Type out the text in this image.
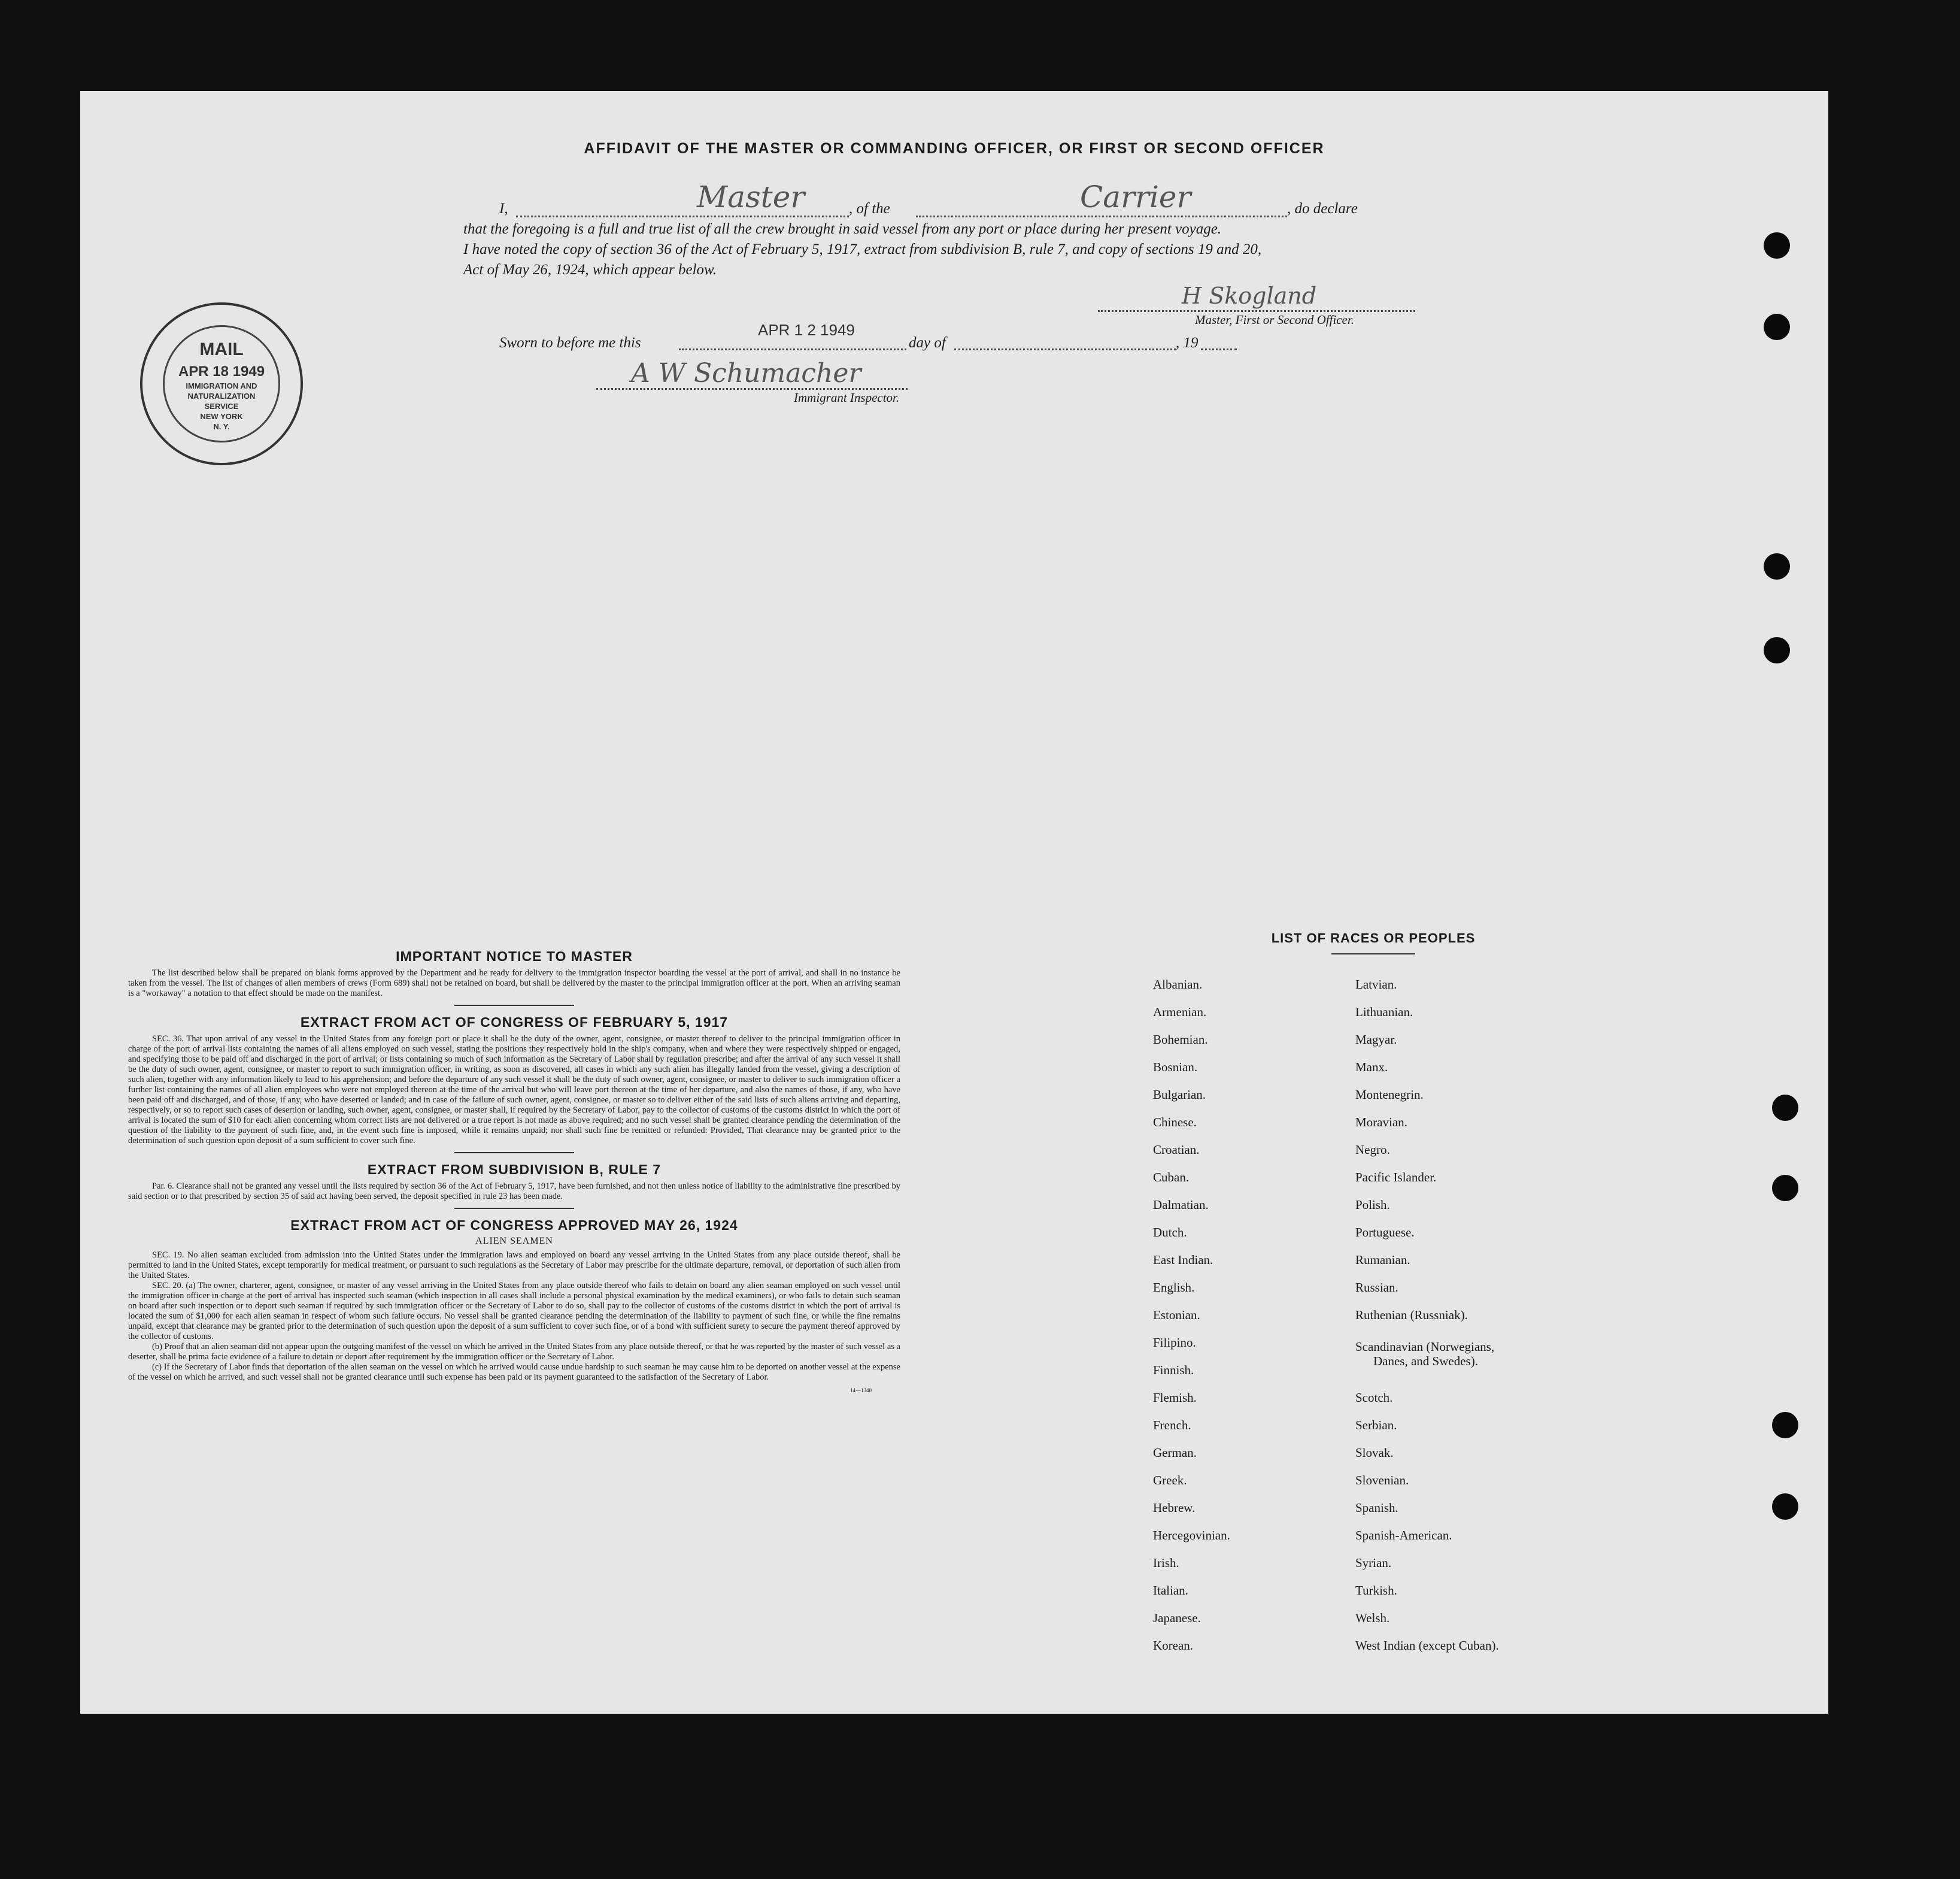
AFFIDAVIT OF THE MASTER OR COMMANDING OFFICER, OR FIRST OR SECOND OFFICER
I,	Master	, of the	Carrier	, do declare
that the foregoing is a full and true list of all the crew brought in said vessel from any port or place during her present voyage.
I have noted the copy of section 36 of the Act of February 5, 1917, extract from subdivision B, rule 7, and copy of sections 19 and 20,
Act of May 26, 1924, which appear below.
H Skogland
Master, First or Second Officer.
Sworn to before me this
APR 1 2 1949
day of	, 19
A W Schumacher
Immigrant Inspector.
MAIL
APR 18 1949
IMMIGRATION AND
NATURALIZATION
SERVICE
NEW YORK
N. Y.

IMPORTANT NOTICE TO MASTER

The list described below shall be prepared on blank forms approved by the Department and be ready for delivery to the immigration inspector boarding the vessel at the port of arrival, and shall in no instance be taken from the vessel. The list of changes of alien members of crews (Form 689) shall not be retained on board, but shall be delivered by the master to the principal immigration officer at the port. When an arriving seaman is a "workaway" a notation to that effect should be made on the manifest.

EXTRACT FROM ACT OF CONGRESS OF FEBRUARY 5, 1917

SEC. 36. That upon arrival of any vessel in the United States from any foreign port or place it shall be the duty of the owner, agent, consignee, or master thereof to deliver to the principal immigration officer in charge of the port of arrival lists containing the names of all aliens employed on such vessel, stating the positions they respectively hold in the ship's company, when and where they were respectively shipped or engaged, and specifying those to be paid off and discharged in the port of arrival; or lists containing so much of such information as the Secretary of Labor shall by regulation prescribe; and after the arrival of any such vessel it shall be the duty of such owner, agent, consignee, or master to report to such immigration officer, in writing, as soon as discovered, all cases in which any such alien has illegally landed from the vessel, giving a description of such alien, together with any information likely to lead to his apprehension; and before the departure of any such vessel it shall be the duty of such owner, agent, consignee, or master to deliver to such immigration officer a further list containing the names of all alien employees who were not employed thereon at the time of the arrival but who will leave port thereon at the time of her departure, and also the names of those, if any, who have been paid off and discharged, and of those, if any, who have deserted or landed; and in case of the failure of such owner, agent, consignee, or master so to deliver either of the said lists of such aliens arriving and departing, respectively, or so to report such cases of desertion or landing, such owner, agent, consignee, or master shall, if required by the Secretary of Labor, pay to the collector of customs of the customs district in which the port of arrival is located the sum of $10 for each alien concerning whom correct lists are not delivered or a true report is not made as above required; and no such vessel shall be granted clearance pending the determination of the question of the liability to the payment of such fine, and, in the event such fine is imposed, while it remains unpaid; nor shall such fine be remitted or refunded: Provided, That clearance may be granted prior to the determination of such question upon deposit of a sum sufficient to cover such fine.

EXTRACT FROM SUBDIVISION B, RULE 7

Par. 6. Clearance shall not be granted any vessel until the lists required by section 36 of the Act of February 5, 1917, have been furnished, and not then unless notice of liability to the administrative fine prescribed by said section or to that prescribed by section 35 of said act having been served, the deposit specified in rule 23 has been made.

EXTRACT FROM ACT OF CONGRESS APPROVED MAY 26, 1924

ALIEN SEAMEN

SEC. 19. No alien seaman excluded from admission into the United States under the immigration laws and employed on board any vessel arriving in the United States from any place outside thereof, shall be permitted to land in the United States, except temporarily for medical treatment, or pursuant to such regulations as the Secretary of Labor may prescribe for the ultimate departure, removal, or deportation of such alien from the United States.

SEC. 20. (a) The owner, charterer, agent, consignee, or master of any vessel arriving in the United States from any place outside thereof who fails to detain on board any alien seaman employed on such vessel until the immigration officer in charge at the port of arrival has inspected such seaman (which inspection in all cases shall include a personal physical examination by the medical examiners), or who fails to detain such seaman on board after such inspection or to deport such seaman if required by such immigration officer or the Secretary of Labor to do so, shall pay to the collector of customs of the customs district in which the port of arrival is located the sum of $1,000 for each alien seaman in respect of whom such failure occurs. No vessel shall be granted clearance pending the determination of the liability to payment of such fine, or while the fine remains unpaid, except that clearance may be granted prior to the determination of such question upon the deposit of a sum sufficient to cover such fine, or of a bond with sufficient surety to secure the payment thereof approved by the collector of customs.

(b) Proof that an alien seaman did not appear upon the outgoing manifest of the vessel on which he arrived in the United States from any place outside thereof, or that he was reported by the master of such vessel as a deserter, shall be prima facie evidence of a failure to detain or deport after requirement by the immigration officer or the Secretary of Labor.

(c) If the Secretary of Labor finds that deportation of the alien seaman on the vessel on which he arrived would cause undue hardship to such seaman he may cause him to be deported on another vessel at the expense of the vessel on which he arrived, and such vessel shall not be granted clearance until such expense has been paid or its payment guaranteed to the satisfaction of the Secretary of Labor.

14—1340
LIST OF RACES OR PEOPLES
Albanian.
Armenian.
Bohemian.
Bosnian.
Bulgarian.
Chinese.
Croatian.
Cuban.
Dalmatian.
Dutch.
East Indian.
English.
Estonian.
Filipino.
Finnish.
Flemish.
French.
German.
Greek.
Hebrew.
Hercegovinian.
Irish.
Italian.
Japanese.
Korean.
Latvian.
Lithuanian.
Magyar.
Manx.
Montenegrin.
Moravian.
Negro.
Pacific Islander.
Polish.
Portuguese.
Rumanian.
Russian.
Ruthenian (Russniak).
Scandinavian (Norwegians,
Danes, and Swedes).
Scotch.
Serbian.
Slovak.
Slovenian.
Spanish.
Spanish-American.
Syrian.
Turkish.
Welsh.
West Indian (except Cuban).
